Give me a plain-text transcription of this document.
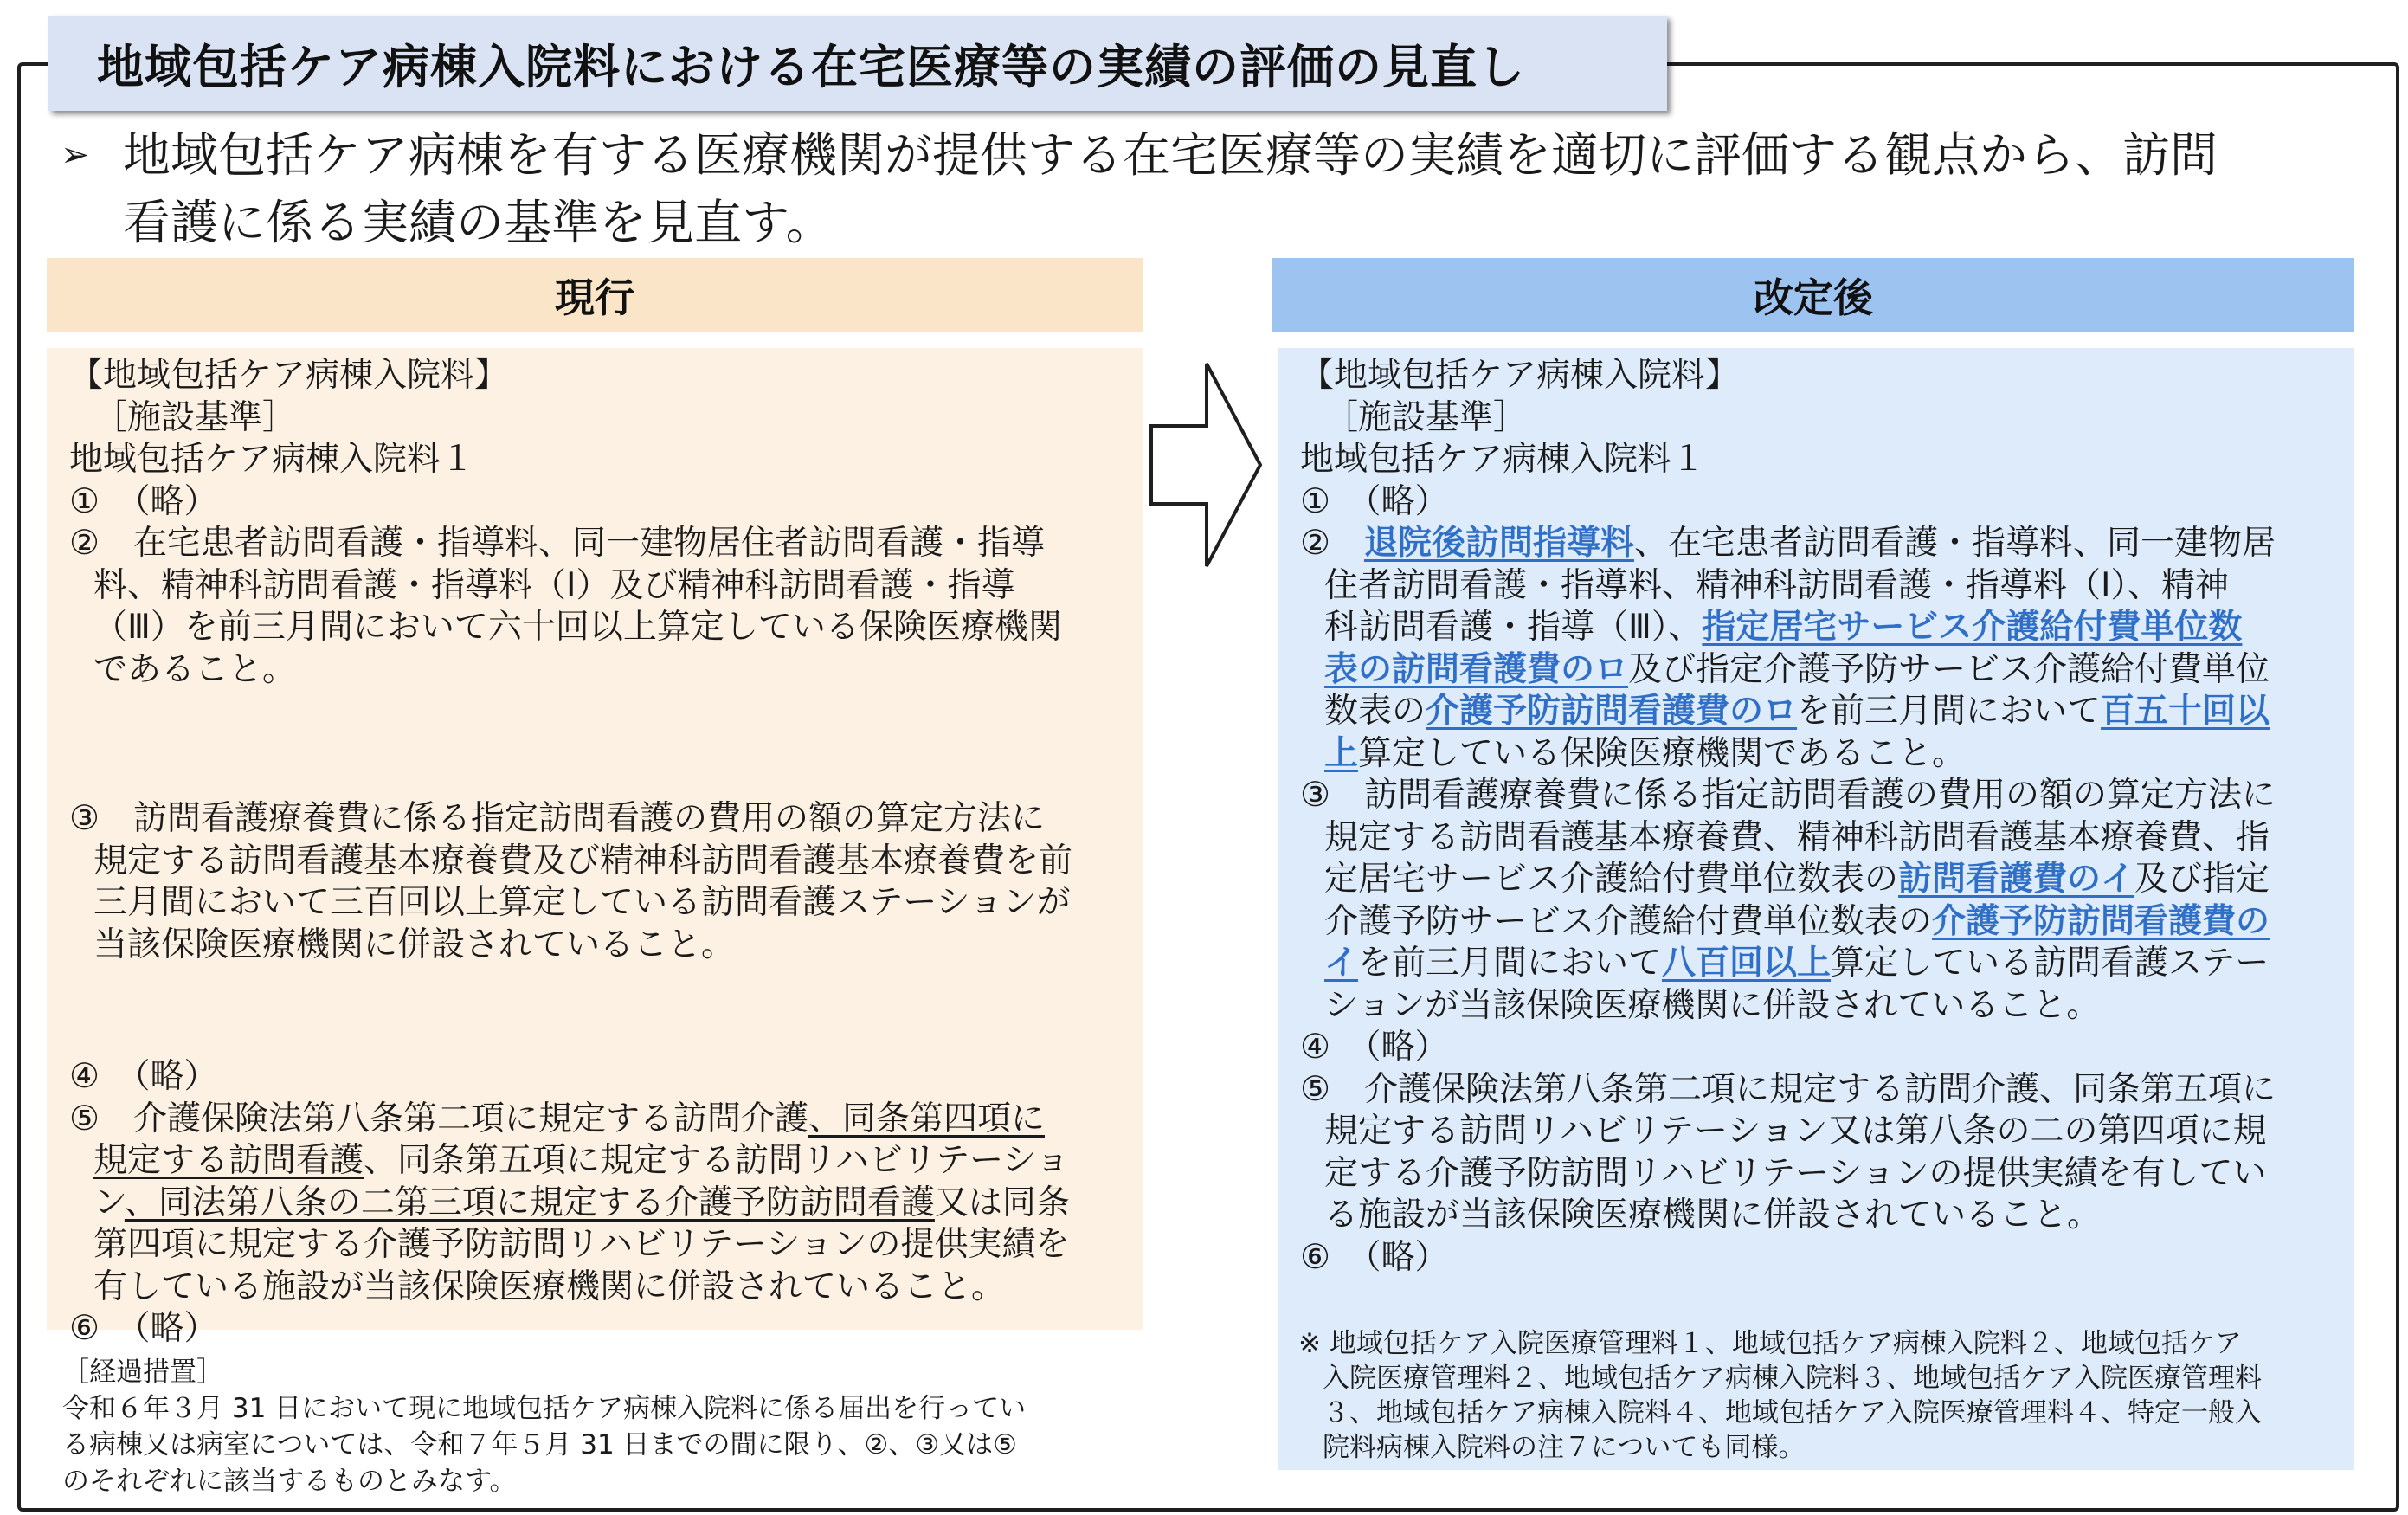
地域包括ケア病棟入院料における在宅医療等の実績の評価の見直し
➢ 地域包括ケア病棟を有する医療機関が提供する在宅医療等の実績を適切に評価する観点から、訪問
看護に係る実績の基準を見直す。
現行	改定後
【地域包括ケア病棟入院料】
［施設基準］
地域包括ケア病棟入院料１
①　（略）
②　在宅患者訪問看護・指導料、同一建物居住者訪問看護・指導
料、精神科訪問看護・指導料（Ⅰ）及び精神科訪問看護・指導
（Ⅲ）を前三月間において六十回以上算定している保険医療機関
であること。
③　訪問看護療養費に係る指定訪問看護の費用の額の算定方法に
規定する訪問看護基本療養費及び精神科訪問看護基本療養費を前
三月間において三百回以上算定している訪問看護ステーションが
当該保険医療機関に併設されていること。
④　（略）
⑤　介護保険法第八条第二項に規定する訪問介護、同条第四項に
規定する訪問看護、同条第五項に規定する訪問リハビリテーショ
ン、同法第八条の二第三項に規定する介護予防訪問看護又は同条
第四項に規定する介護予防訪問リハビリテーションの提供実績を
有している施設が当該保険医療機関に併設されていること。
⑥　（略）
［経過措置］
令和６年３月 31 日において現に地域包括ケア病棟入院料に係る届出を行ってい
る病棟又は病室については、令和７年５月 31 日までの間に限り、②、③又は⑤
のそれぞれに該当するものとみなす。
【地域包括ケア病棟入院料】
［施設基準］
地域包括ケア病棟入院料１
①　（略）
②　退院後訪問指導料、在宅患者訪問看護・指導料、同一建物居
住者訪問看護・指導料、精神科訪問看護・指導料（Ⅰ）、精神
科訪問看護・指導（Ⅲ）、指定居宅サービス介護給付費単位数
表の訪問看護費のロ及び指定介護予防サービス介護給付費単位
数表の介護予防訪問看護費のロを前三月間において百五十回以
上算定している保険医療機関であること。
③　訪問看護療養費に係る指定訪問看護の費用の額の算定方法に
規定する訪問看護基本療養費、精神科訪問看護基本療養費、指
定居宅サービス介護給付費単位数表の訪問看護費のイ及び指定
介護予防サービス介護給付費単位数表の介護予防訪問看護費の
イを前三月間において八百回以上算定している訪問看護ステー
ションが当該保険医療機関に併設されていること。
④　（略）
⑤　介護保険法第八条第二項に規定する訪問介護、同条第五項に
規定する訪問リハビリテーション又は第八条の二の第四項に規
定する介護予防訪問リハビリテーションの提供実績を有してい
る施設が当該保険医療機関に併設されていること。
⑥　（略）
※ 地域包括ケア入院医療管理料１、地域包括ケア病棟入院料２、地域包括ケア
入院医療管理料２、地域包括ケア病棟入院料３、地域包括ケア入院医療管理料
３、地域包括ケア病棟入院料４、地域包括ケア入院医療管理料４、特定一般入
院料病棟入院料の注７についても同様。
